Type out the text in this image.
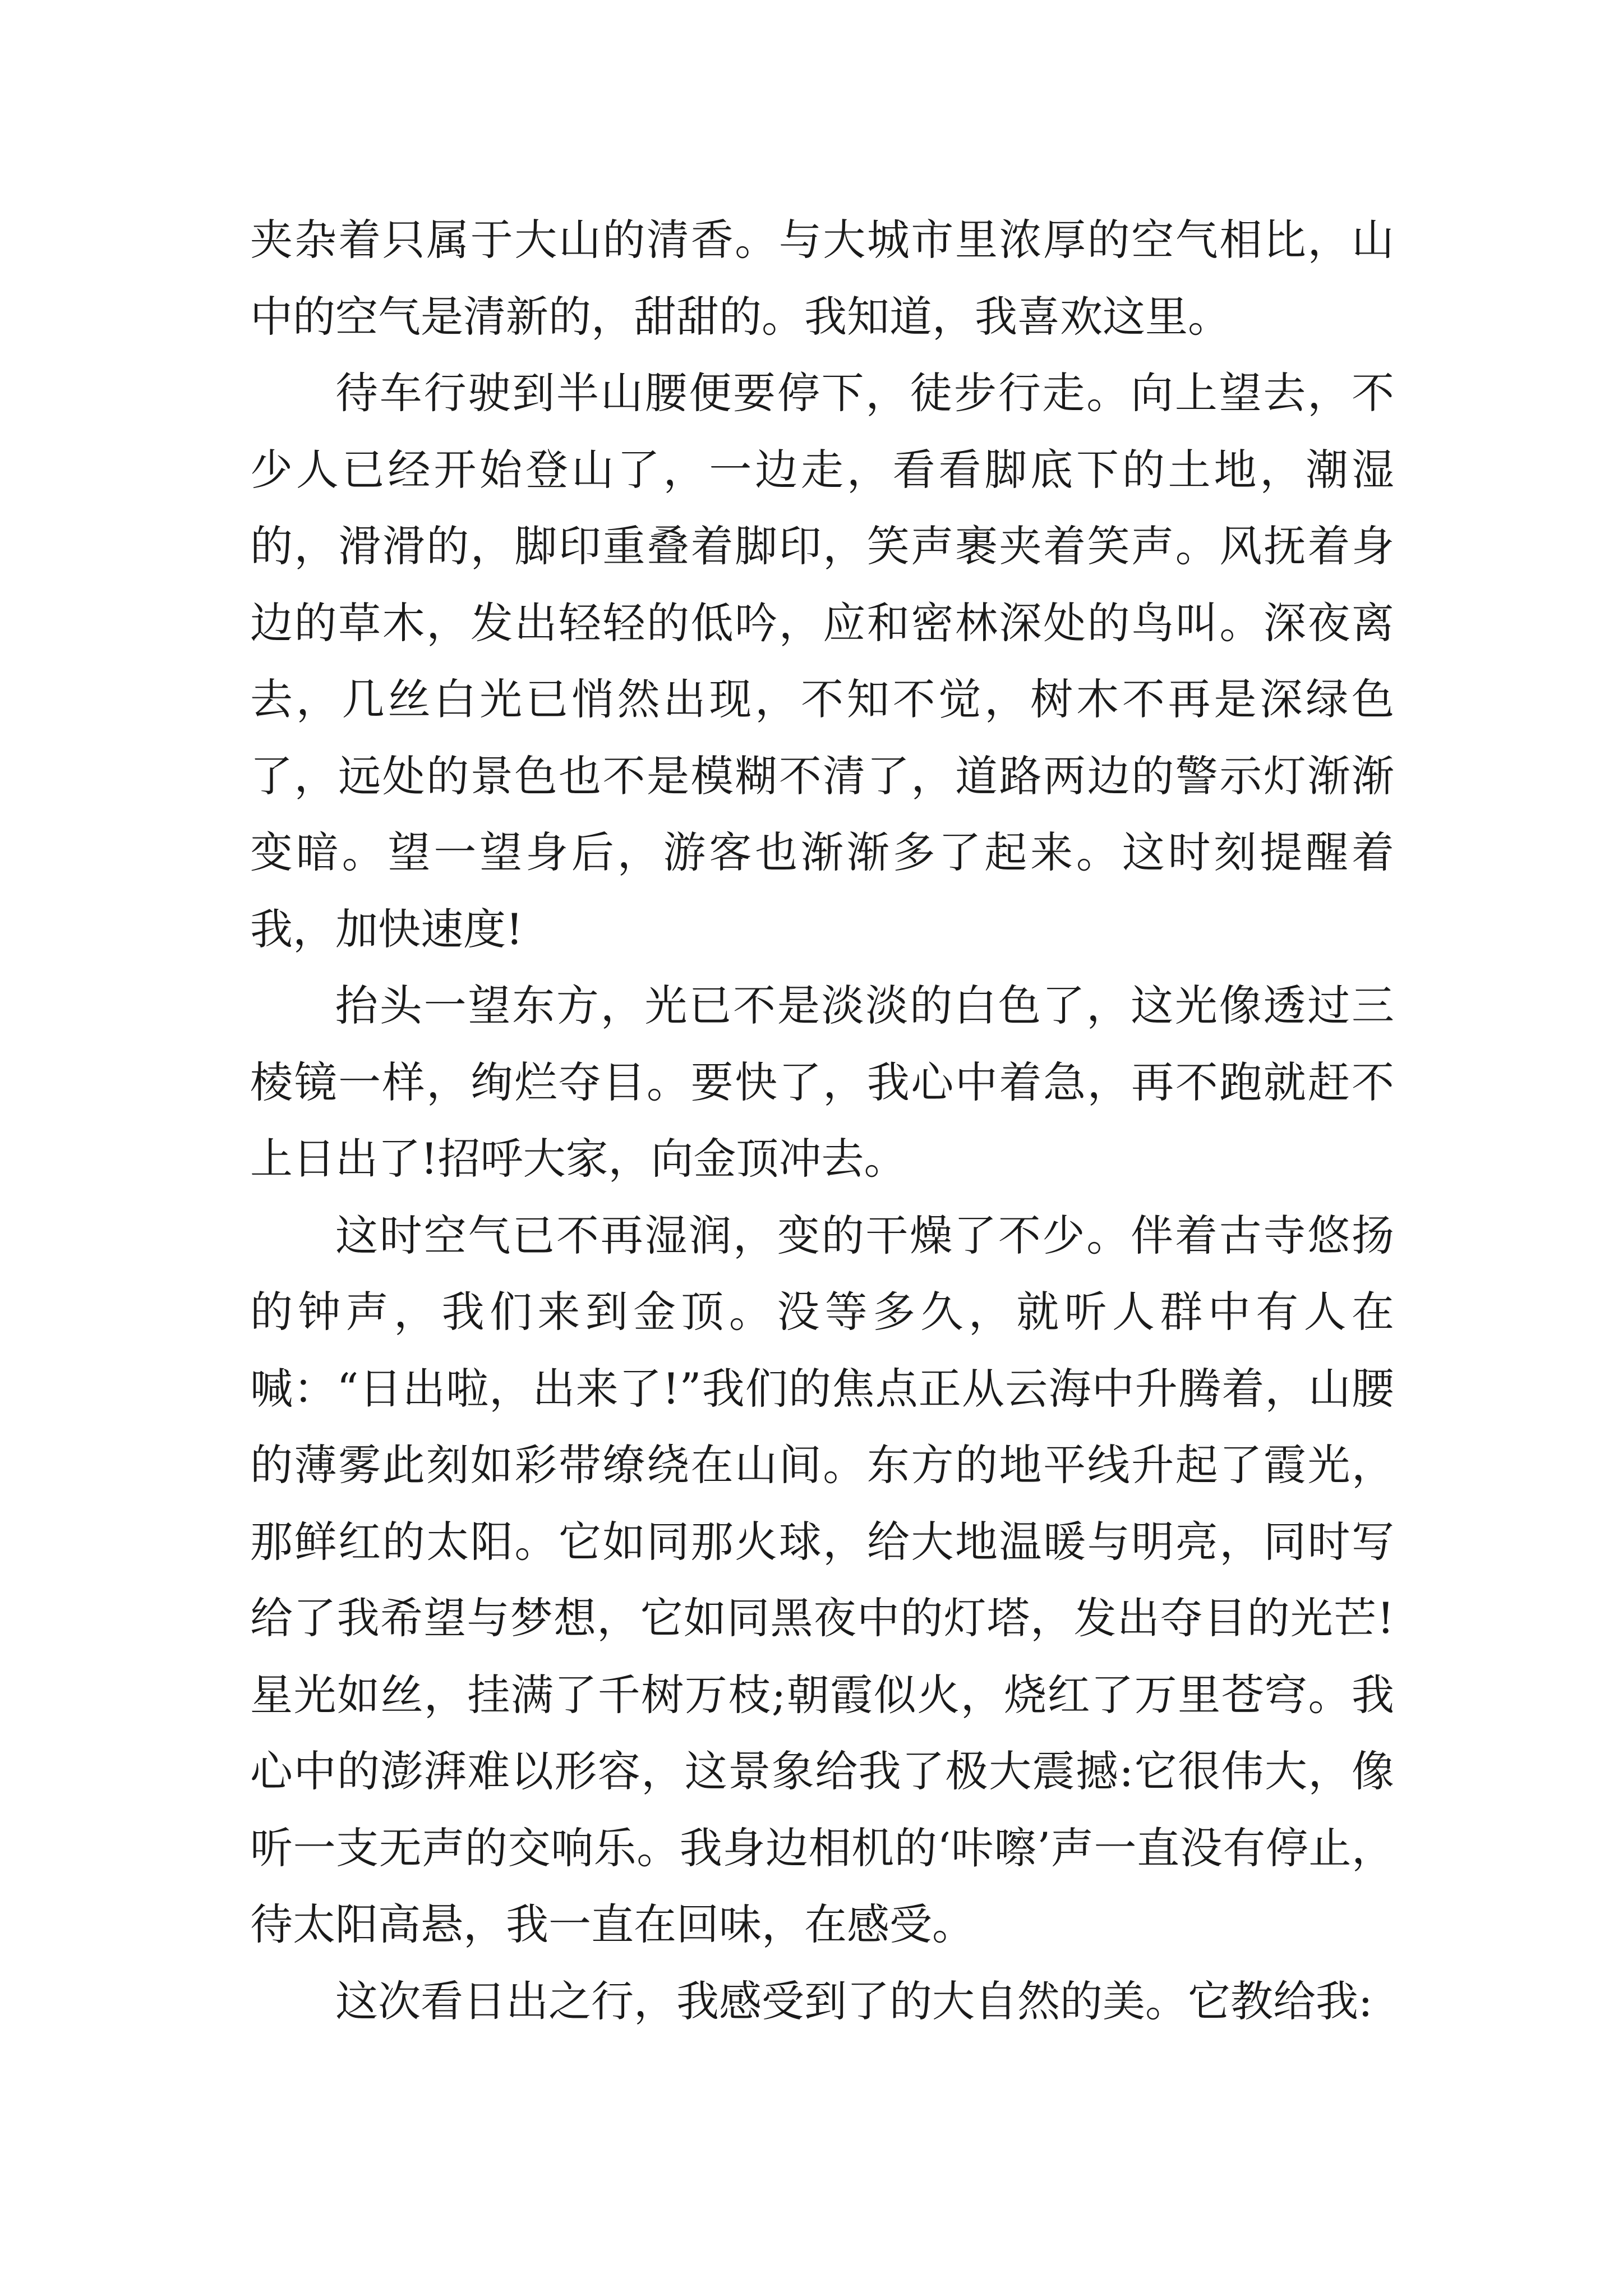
夹杂着只属于大山的清香。与大城市里浓厚的空气相比，山中的空气是清新的，甜甜的。我知道，我喜欢这里。

待车行驶到半山腰便要停下，徒步行走。向上望去，不少人已经开始登山了，一边走，看看脚底下的土地，潮湿的，滑滑的，脚印重叠着脚印，笑声裹夹着笑声。风抚着身边的草木，发出轻轻的低吟，应和密林深处的鸟叫。深夜离去，几丝白光已悄然出现，不知不觉，树木不再是深绿色了，远处的景色也不是模糊不清了，道路两边的警示灯渐渐变暗。望一望身后，游客也渐渐多了起来。这时刻提醒着我，加快速度!

抬头一望东方，光已不是淡淡的白色了，这光像透过三棱镜一样，绚烂夺目。要快了，我心中着急，再不跑就赶不上日出了!招呼大家，向金顶冲去。

这时空气已不再湿润，变的干燥了不少。伴着古寺悠扬的钟声，我们来到金顶。没等多久，就听人群中有人在喊：“日出啦，出来了!”我们的焦点正从云海中升腾着，山腰的薄雾此刻如彩带缭绕在山间。东方的地平线升起了霞光，那鲜红的太阳。它如同那火球，给大地温暖与明亮，同时写给了我希望与梦想，它如同黑夜中的灯塔，发出夺目的光芒!星光如丝，挂满了千树万枝;朝霞似火，烧红了万里苍穹。我心中的澎湃难以形容，这景象给我了极大震撼:它很伟大，像听一支无声的交响乐。我身边相机的‘咔嚓’声一直没有停止，待太阳高悬，我一直在回味，在感受。

这次看日出之行，我感受到了的大自然的美。它教给我:
